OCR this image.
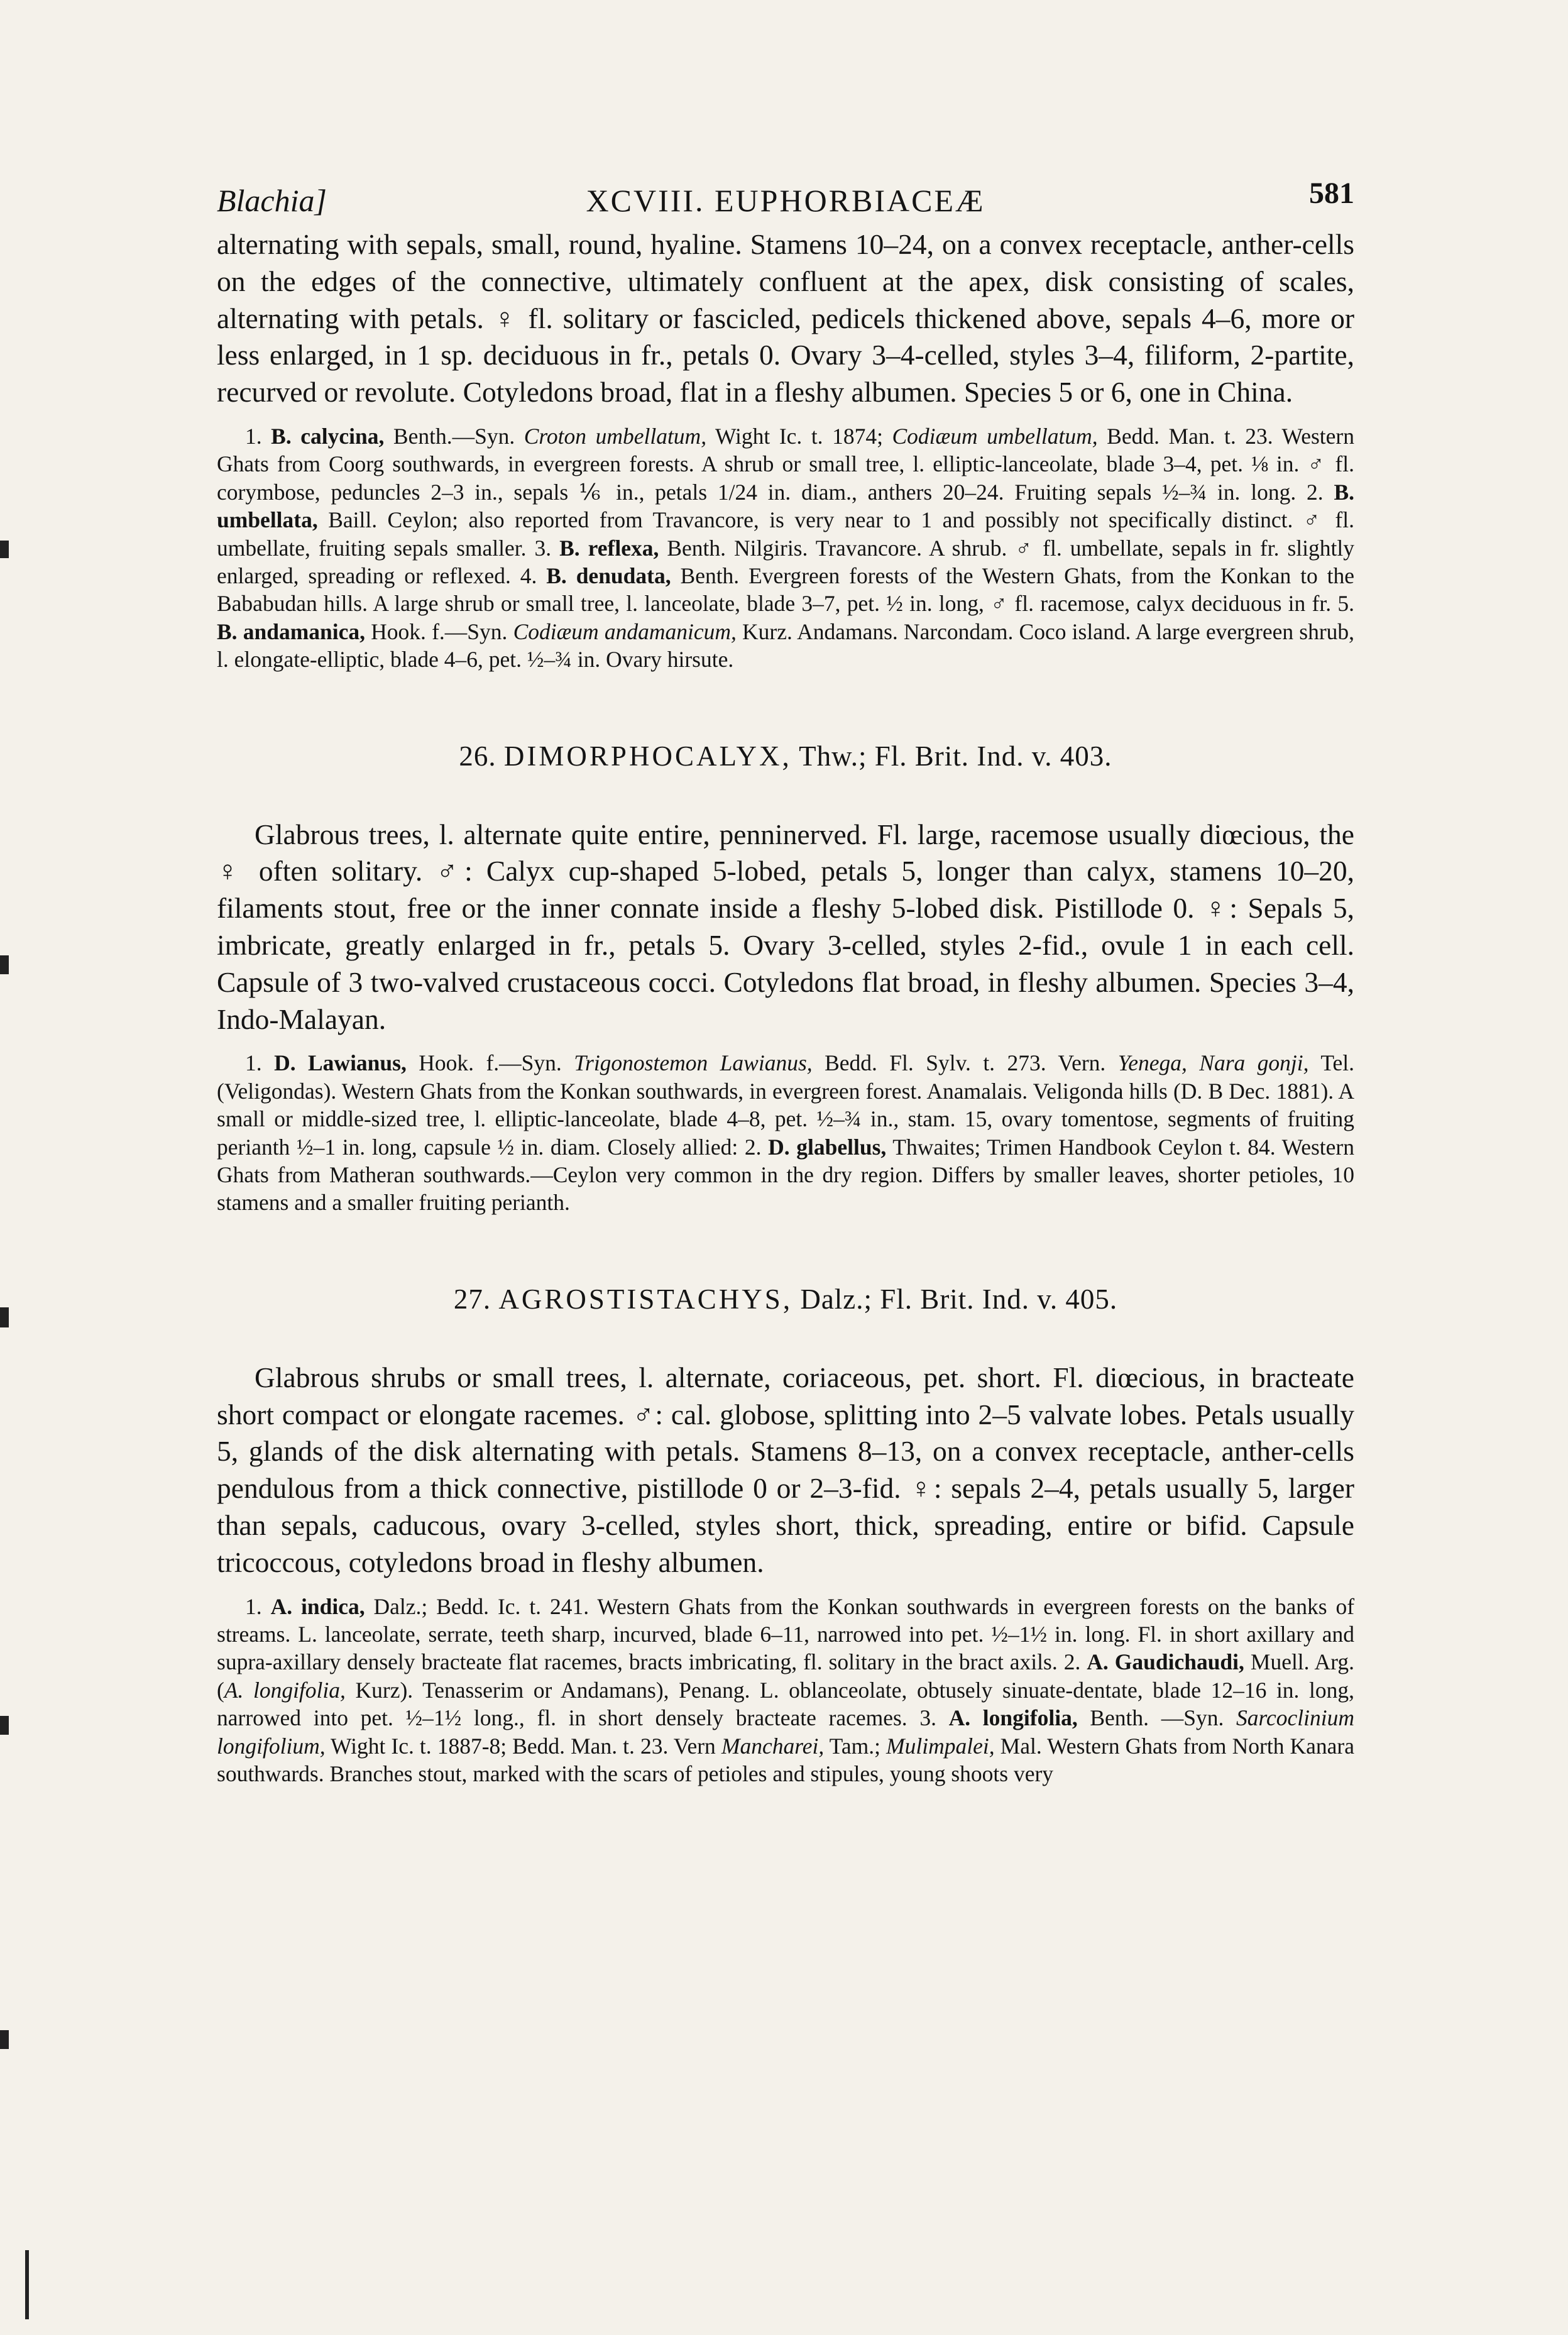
Blachia]	XCVIII. EUPHORBIACEÆ	581

alternating with sepals, small, round, hyaline. Stamens 10–24, on a convex receptacle, anther-cells on the edges of the connective, ultimately confluent at the apex, disk consisting of scales, alternating with petals. ♀ fl. solitary or fascicled, pedicels thickened above, sepals 4–6, more or less enlarged, in 1 sp. deciduous in fr., petals 0. Ovary 3–4-celled, styles 3–4, filiform, 2-partite, recurved or revolute. Cotyledons broad, flat in a fleshy albumen. Species 5 or 6, one in China.

1. B. calycina, Benth.—Syn. Croton umbellatum, Wight Ic. t. 1874; Codiæum umbellatum, Bedd. Man. t. 23. Western Ghats from Coorg southwards, in evergreen forests. A shrub or small tree, l. elliptic-lanceolate, blade 3–4, pet. ⅛ in. ♂ fl. corymbose, peduncles 2–3 in., sepals ⅙ in., petals 1/24 in. diam., anthers 20–24. Fruiting sepals ½–¾ in. long. 2. B. umbellata, Baill. Ceylon; also reported from Travancore, is very near to 1 and possibly not specifically distinct. ♂ fl. umbellate, fruiting sepals smaller. 3. B. reflexa, Benth. Nilgiris. Travancore. A shrub. ♂ fl. umbellate, sepals in fr. slightly enlarged, spreading or reflexed. 4. B. denudata, Benth. Evergreen forests of the Western Ghats, from the Konkan to the Bababudan hills. A large shrub or small tree, l. lanceolate, blade 3–7, pet. ½ in. long, ♂ fl. racemose, calyx deciduous in fr. 5. B. andamanica, Hook. f.—Syn. Codiæum andamanicum, Kurz. Andamans. Narcondam. Coco island. A large evergreen shrub, l. elongate-elliptic, blade 4–6, pet. ½–¾ in. Ovary hirsute.

26. DIMORPHOCALYX, Thw.; Fl. Brit. Ind. v. 403.

Glabrous trees, l. alternate quite entire, penninerved. Fl. large, racemose usually diœcious, the ♀ often solitary. ♂: Calyx cup-shaped 5-lobed, petals 5, longer than calyx, stamens 10–20, filaments stout, free or the inner connate inside a fleshy 5-lobed disk. Pistillode 0. ♀: Sepals 5, imbricate, greatly enlarged in fr., petals 5. Ovary 3-celled, styles 2-fid., ovule 1 in each cell. Capsule of 3 two-valved crustaceous cocci. Cotyledons flat broad, in fleshy albumen. Species 3–4, Indo-Malayan.

1. D. Lawianus, Hook. f.—Syn. Trigonostemon Lawianus, Bedd. Fl. Sylv. t. 273. Vern. Yenega, Nara gonji, Tel. (Veligondas). Western Ghats from the Konkan southwards, in evergreen forest. Anamalais. Veligonda hills (D. B Dec. 1881). A small or middle-sized tree, l. elliptic-lanceolate, blade 4–8, pet. ½–¾ in., stam. 15, ovary tomentose, segments of fruiting perianth ½–1 in. long, capsule ½ in. diam. Closely allied: 2. D. glabellus, Thwaites; Trimen Handbook Ceylon t. 84. Western Ghats from Matheran southwards.—Ceylon very common in the dry region. Differs by smaller leaves, shorter petioles, 10 stamens and a smaller fruiting perianth.

27. AGROSTISTACHYS, Dalz.; Fl. Brit. Ind. v. 405.

Glabrous shrubs or small trees, l. alternate, coriaceous, pet. short. Fl. diœcious, in bracteate short compact or elongate racemes. ♂: cal. globose, splitting into 2–5 valvate lobes. Petals usually 5, glands of the disk alternating with petals. Stamens 8–13, on a convex receptacle, anther-cells pendulous from a thick connective, pistillode 0 or 2–3-fid. ♀: sepals 2–4, petals usually 5, larger than sepals, caducous, ovary 3-celled, styles short, thick, spreading, entire or bifid. Capsule tricoccous, cotyledons broad in fleshy albumen.

1. A. indica, Dalz.; Bedd. Ic. t. 241. Western Ghats from the Konkan southwards in evergreen forests on the banks of streams. L. lanceolate, serrate, teeth sharp, incurved, blade 6–11, narrowed into pet. ½–1½ in. long. Fl. in short axillary and supra-axillary densely bracteate flat racemes, bracts imbricating, fl. solitary in the bract axils. 2. A. Gaudichaudi, Muell. Arg. (A. longifolia, Kurz). Tenasserim or Andamans), Penang. L. oblanceolate, obtusely sinuate-dentate, blade 12–16 in. long, narrowed into pet. ½–1½ long., fl. in short densely bracteate racemes. 3. A. longifolia, Benth. —Syn. Sarcoclinium longifolium, Wight Ic. t. 1887-8; Bedd. Man. t. 23. Vern Mancharei, Tam.; Mulimpalei, Mal. Western Ghats from North Kanara southwards. Branches stout, marked with the scars of petioles and stipules, young shoots very
